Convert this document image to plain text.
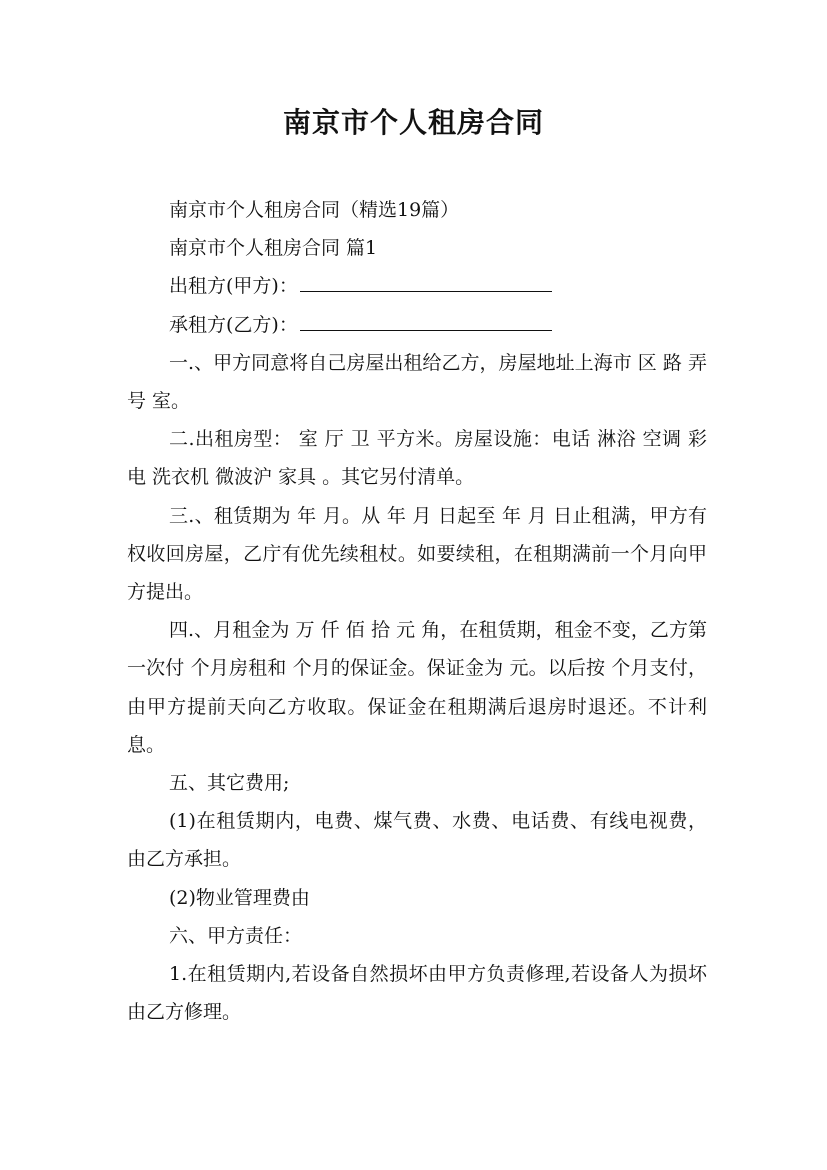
南京市个人租房合同

南京市个人租房合同（精选19篇）

南京市个人租房合同 篇1

出租方(甲方)：

承租方(乙方)：

一.、甲方同意将自己房屋出租给乙方，房屋地址上海市 区 路 弄 号 室。

二.出租房型： 室 厅 卫 平方米。房屋设施：电话 淋浴 空调 彩电 洗衣机 微波沪 家具 。其它另付清单。

三.、租赁期为 年 月。从 年 月 日起至 年 月 日止租满，甲方有权收回房屋，乙庁有优先续租杖。如要续租，在租期满前一个月向甲方提出。

四.、月租金为 万 仟 佰 拾 元 角，在租赁期，租金不变，乙方第一次付 个月房租和 个月的保证金。保证金为 元。以后按 个月支付， 由甲方提前天向乙方收取。保证金在租期满后退房时退还。不计利息。

五、其它费用;

(1)在租赁期内，电费、煤气费、水费、电话费、有线电视费，由乙方承担。

(2)物业管理费由

六、甲方责任：

1.在租赁期内,若设备自然损坏由甲方负责修理,若设备人为损坏由乙方修理。
